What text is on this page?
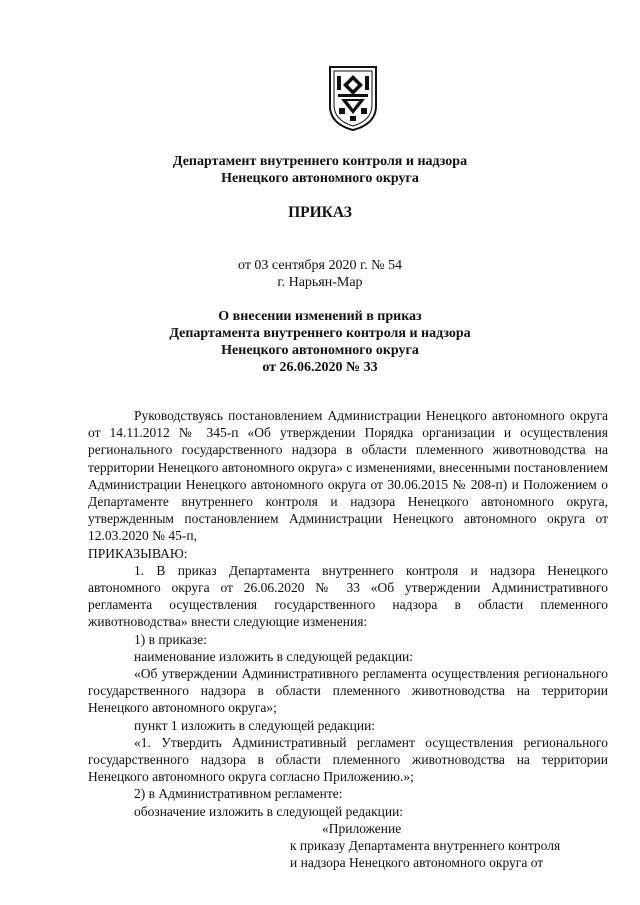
Департамент внутреннего контроля и надзора
Ненецкого автономного округа
ПРИКАЗ
от 03 сентября 2020 г. № 54
г. Нарьян-Мар
О внесении изменений в приказ
Департамента внутреннего контроля и надзора
Ненецкого автономного округа
от 26.06.2020 № 33

Руководствуясь постановлением Администрации Ненецкого автономного округа от 14.11.2012 № 345-п «Об утверждении Порядка организации и осуществления регионального государственного надзора в области племенного животноводства на территории Ненецкого автономного округа» с изменениями, внесенными постановлением Администрации Ненецкого автономного округа от 30.06.2015 № 208-п) и Положением о Департаменте внутреннего контроля и надзора Ненецкого автономного округа, утвержденным постановлением Администрации Ненецкого автономного округа от 12.03.2020 № 45-п,

ПРИКАЗЫВАЮ:

1. В приказ Департамента внутреннего контроля и надзора Ненецкого автономного округа от 26.06.2020 № 33 «Об утверждении Административного регламента осуществления государственного надзора в области племенного животноводства» внести следующие изменения:

1) в приказе:

наименование изложить в следующей редакции:

«Об утверждении Административного регламента осуществления регионального государственного надзора в области племенного животноводства на территории Ненецкого автономного округа»;

пункт 1 изложить в следующей редакции:

«1. Утвердить Административный регламент осуществления регионального государственного надзора в области племенного животноводства на территории Ненецкого автономного округа согласно Приложению.»;

2) в Административном регламенте:

обозначение изложить в следующей редакции:

«Приложение

к приказу Департамента внутреннего контроля

и надзора Ненецкого автономного округа от
